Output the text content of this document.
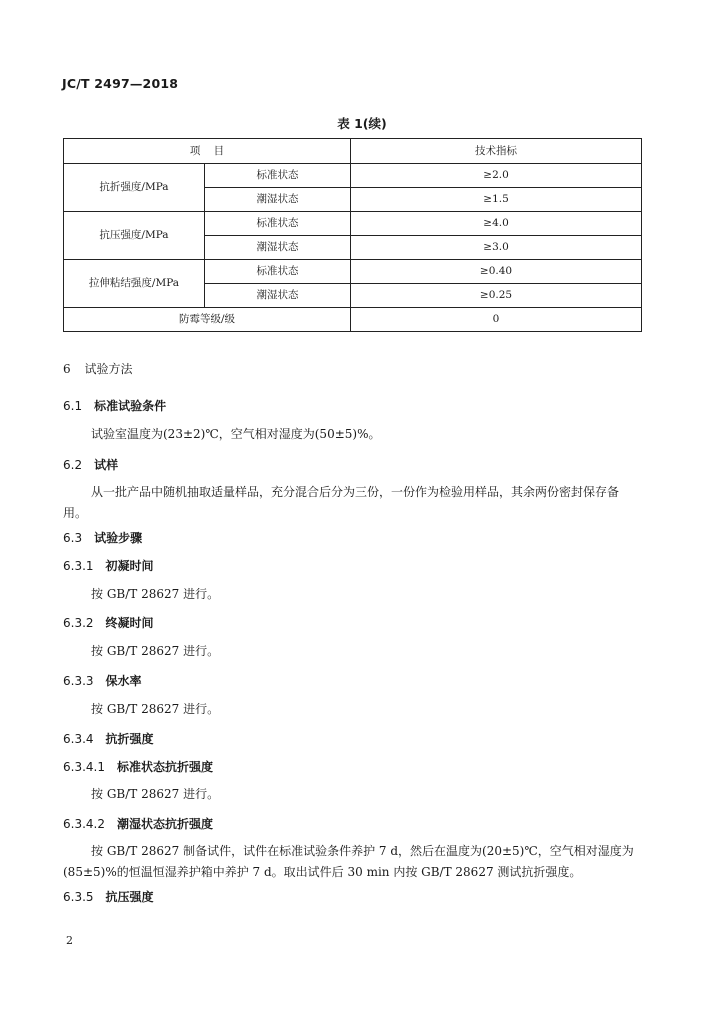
JC/T 2497—2018
表 1(续)
项    目		技术指标
抗折强度/MPa	标准状态	≥2.0
	潮湿状态	≥1.5
抗压强度/MPa	标准状态	≥4.0
	潮湿状态	≥3.0
拉伸粘结强度/MPa	标准状态	≥0.40
	潮湿状态	≥0.25
防霉等级/级		0
6 试验方法
6.1 标准试验条件
试验室温度为(23±2)℃，空气相对湿度为(50±5)%。
6.2 试样
从一批产品中随机抽取适量样品，充分混合后分为三份，一份作为检验用样品，其余两份密封保存备用。
6.3 试验步骤
6.3.1 初凝时间
按 GB/T 28627 进行。
6.3.2 终凝时间
按 GB/T 28627 进行。
6.3.3 保水率
按 GB/T 28627 进行。
6.3.4 抗折强度
6.3.4.1 标准状态抗折强度
按 GB/T 28627 进行。
6.3.4.2 潮湿状态抗折强度
按 GB/T 28627 制备试件，试件在标准试验条件养护 7 d，然后在温度为(20±5)℃，空气相对湿度为(85±5)%的恒温恒湿养护箱中养护 7 d。取出试件后 30 min 内按 GB/T 28627 测试抗折强度。
6.3.5 抗压强度
2
